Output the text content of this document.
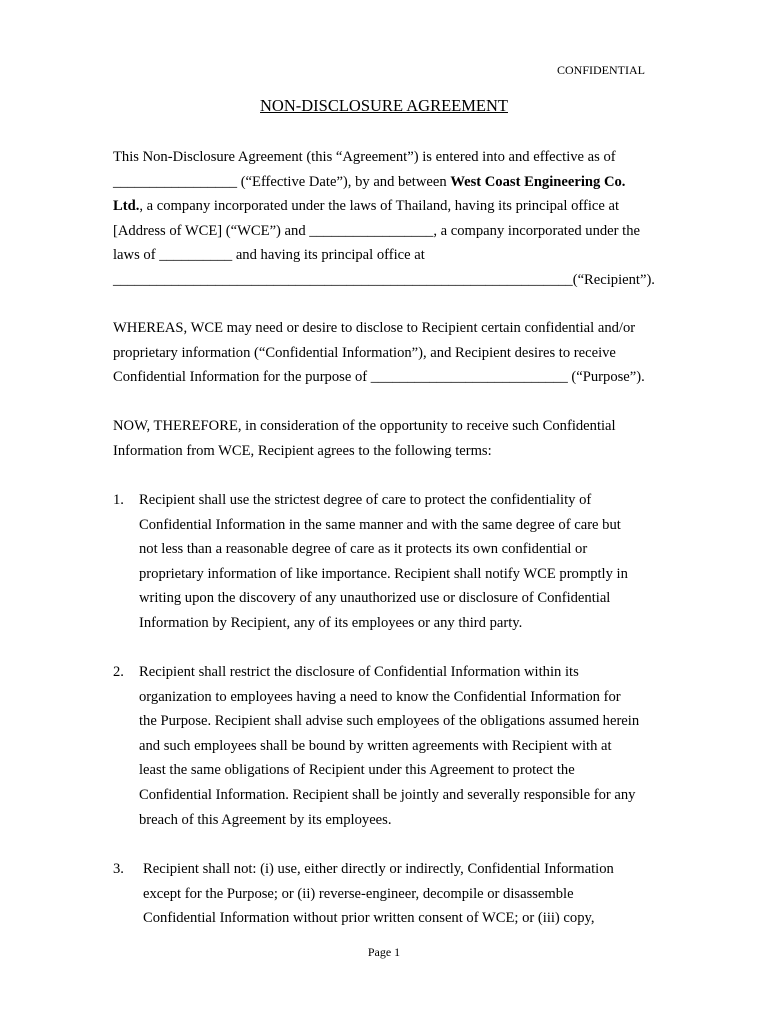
CONFIDENTIAL
NON-DISCLOSURE AGREEMENT
This Non-Disclosure Agreement (this “Agreement”) is entered into and effective as of
_________________ (“Effective Date”), by and between West Coast Engineering Co.
Ltd., a company incorporated under the laws of Thailand, having its principal office at
[Address of WCE] (“WCE”) and _________________, a company incorporated under the
laws of __________ and having its principal office at
_______________________________________________________________(“Recipient”).
WHEREAS, WCE may need or desire to disclose to Recipient certain confidential and/or
proprietary information (“Confidential Information”), and Recipient desires to receive
Confidential Information for the purpose of ___________________________ (“Purpose”).
NOW, THEREFORE, in consideration of the opportunity to receive such Confidential
Information from WCE, Recipient agrees to the following terms:
1. Recipient shall use the strictest degree of care to protect the confidentiality of
Confidential Information in the same manner and with the same degree of care but
not less than a reasonable degree of care as it protects its own confidential or
proprietary information of like importance. Recipient shall notify WCE promptly in
writing upon the discovery of any unauthorized use or disclosure of Confidential
Information by Recipient, any of its employees or any third party.
2. Recipient shall restrict the disclosure of Confidential Information within its
organization to employees having a need to know the Confidential Information for
the Purpose. Recipient shall advise such employees of the obligations assumed herein
and such employees shall be bound by written agreements with Recipient with at
least the same obligations of Recipient under this Agreement to protect the
Confidential Information. Recipient shall be jointly and severally responsible for any
breach of this Agreement by its employees.
3. Recipient shall not: (i) use, either directly or indirectly, Confidential Information
except for the Purpose; or (ii) reverse-engineer, decompile or disassemble
Confidential Information without prior written consent of WCE; or (iii) copy,
Page 1
